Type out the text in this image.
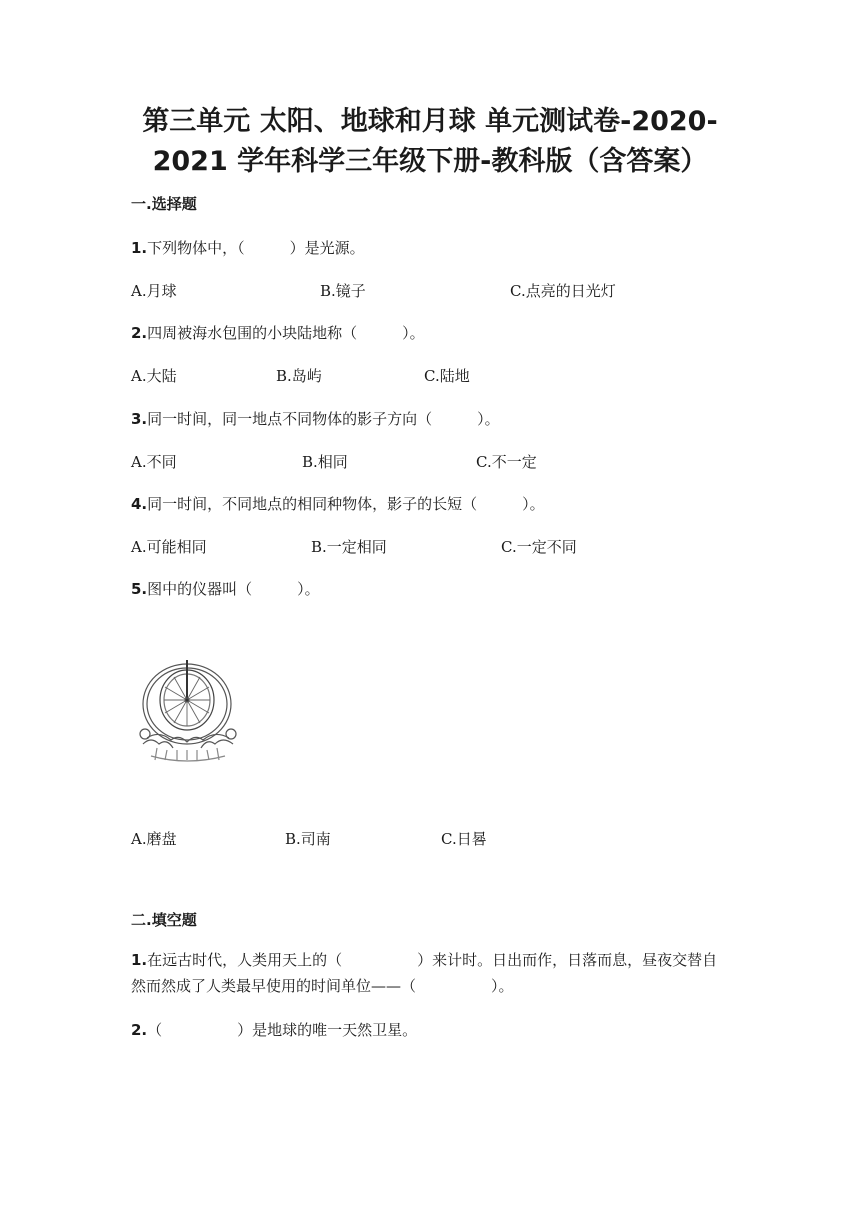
第三单元 太阳、地球和月球 单元测试卷-2020-
2021 学年科学三年级下册-教科版（含答案）
一.选择题
1.下列物体中，（　　　）是光源。
A.月球	B.镜子	C.点亮的日光灯
2.四周被海水包围的小块陆地称（　　　）。
A.大陆	B.岛屿	C.陆地
3.同一时间，同一地点不同物体的影子方向（　　　）。
A.不同	B.相同	C.不一定
4.同一时间，不同地点的相同种物体，影子的长短（　　　）。
A.可能相同	B.一定相同	C.一定不同
5.图中的仪器叫（　　　）。
A.磨盘	B.司南	C.日晷
二.填空题
1.在远古时代，人类用天上的（　　　　　）来计时。日出而作，日落而息，昼夜交替自然而然成了人类最早使用的时间单位——（　　　　　）。
2.（　　　　　）是地球的唯一天然卫星。
